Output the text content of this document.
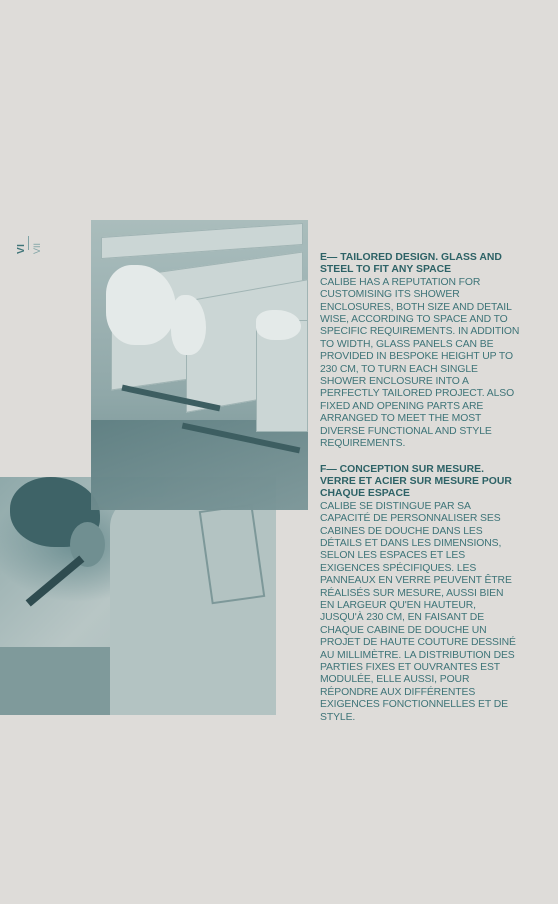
VI VII
E— TAILORED DESIGN. GLASS AND STEEL TO FIT ANY SPACE

CALIBE HAS A REPUTATION FOR CUSTOMISING ITS SHOWER ENCLOSURES, BOTH SIZE AND DETAIL WISE, ACCORDING TO SPACE AND TO SPECIFIC REQUIREMENTS. IN ADDITION TO WIDTH, GLASS PANELS CAN BE PROVIDED IN BESPOKE HEIGHT UP TO 230 CM, TO TURN EACH SINGLE SHOWER ENCLOSURE INTO A PERFECTLY TAILORED PROJECT. ALSO FIXED AND OPENING PARTS ARE ARRANGED TO MEET THE MOST DIVERSE FUNCTIONAL AND STYLE REQUIREMENTS.

F— CONCEPTION SUR MESURE. VERRE ET ACIER SUR MESURE POUR CHAQUE ESPACE

CALIBE SE DISTINGUE PAR SA CAPACITÉ DE PERSONNALISER SES CABINES DE DOUCHE DANS LES DÉTAILS ET DANS LES DIMENSIONS, SELON LES ESPACES ET LES EXIGENCES SPÉCIFIQUES. LES PANNEAUX EN VERRE PEUVENT ÊTRE RÉALISÉS SUR MESURE, AUSSI BIEN EN LARGEUR QU'EN HAUTEUR, JUSQU'À 230 CM, EN FAISANT DE CHAQUE CABINE DE DOUCHE UN PROJET DE HAUTE COUTURE DESSINÉ AU MILLIMÈTRE. LA DISTRIBUTION DES PARTIES FIXES ET OUVRANTES EST MODULÉE, ELLE AUSSI, POUR RÉPONDRE AUX DIFFÉRENTES EXIGENCES FONCTIONNELLES ET DE STYLE.
